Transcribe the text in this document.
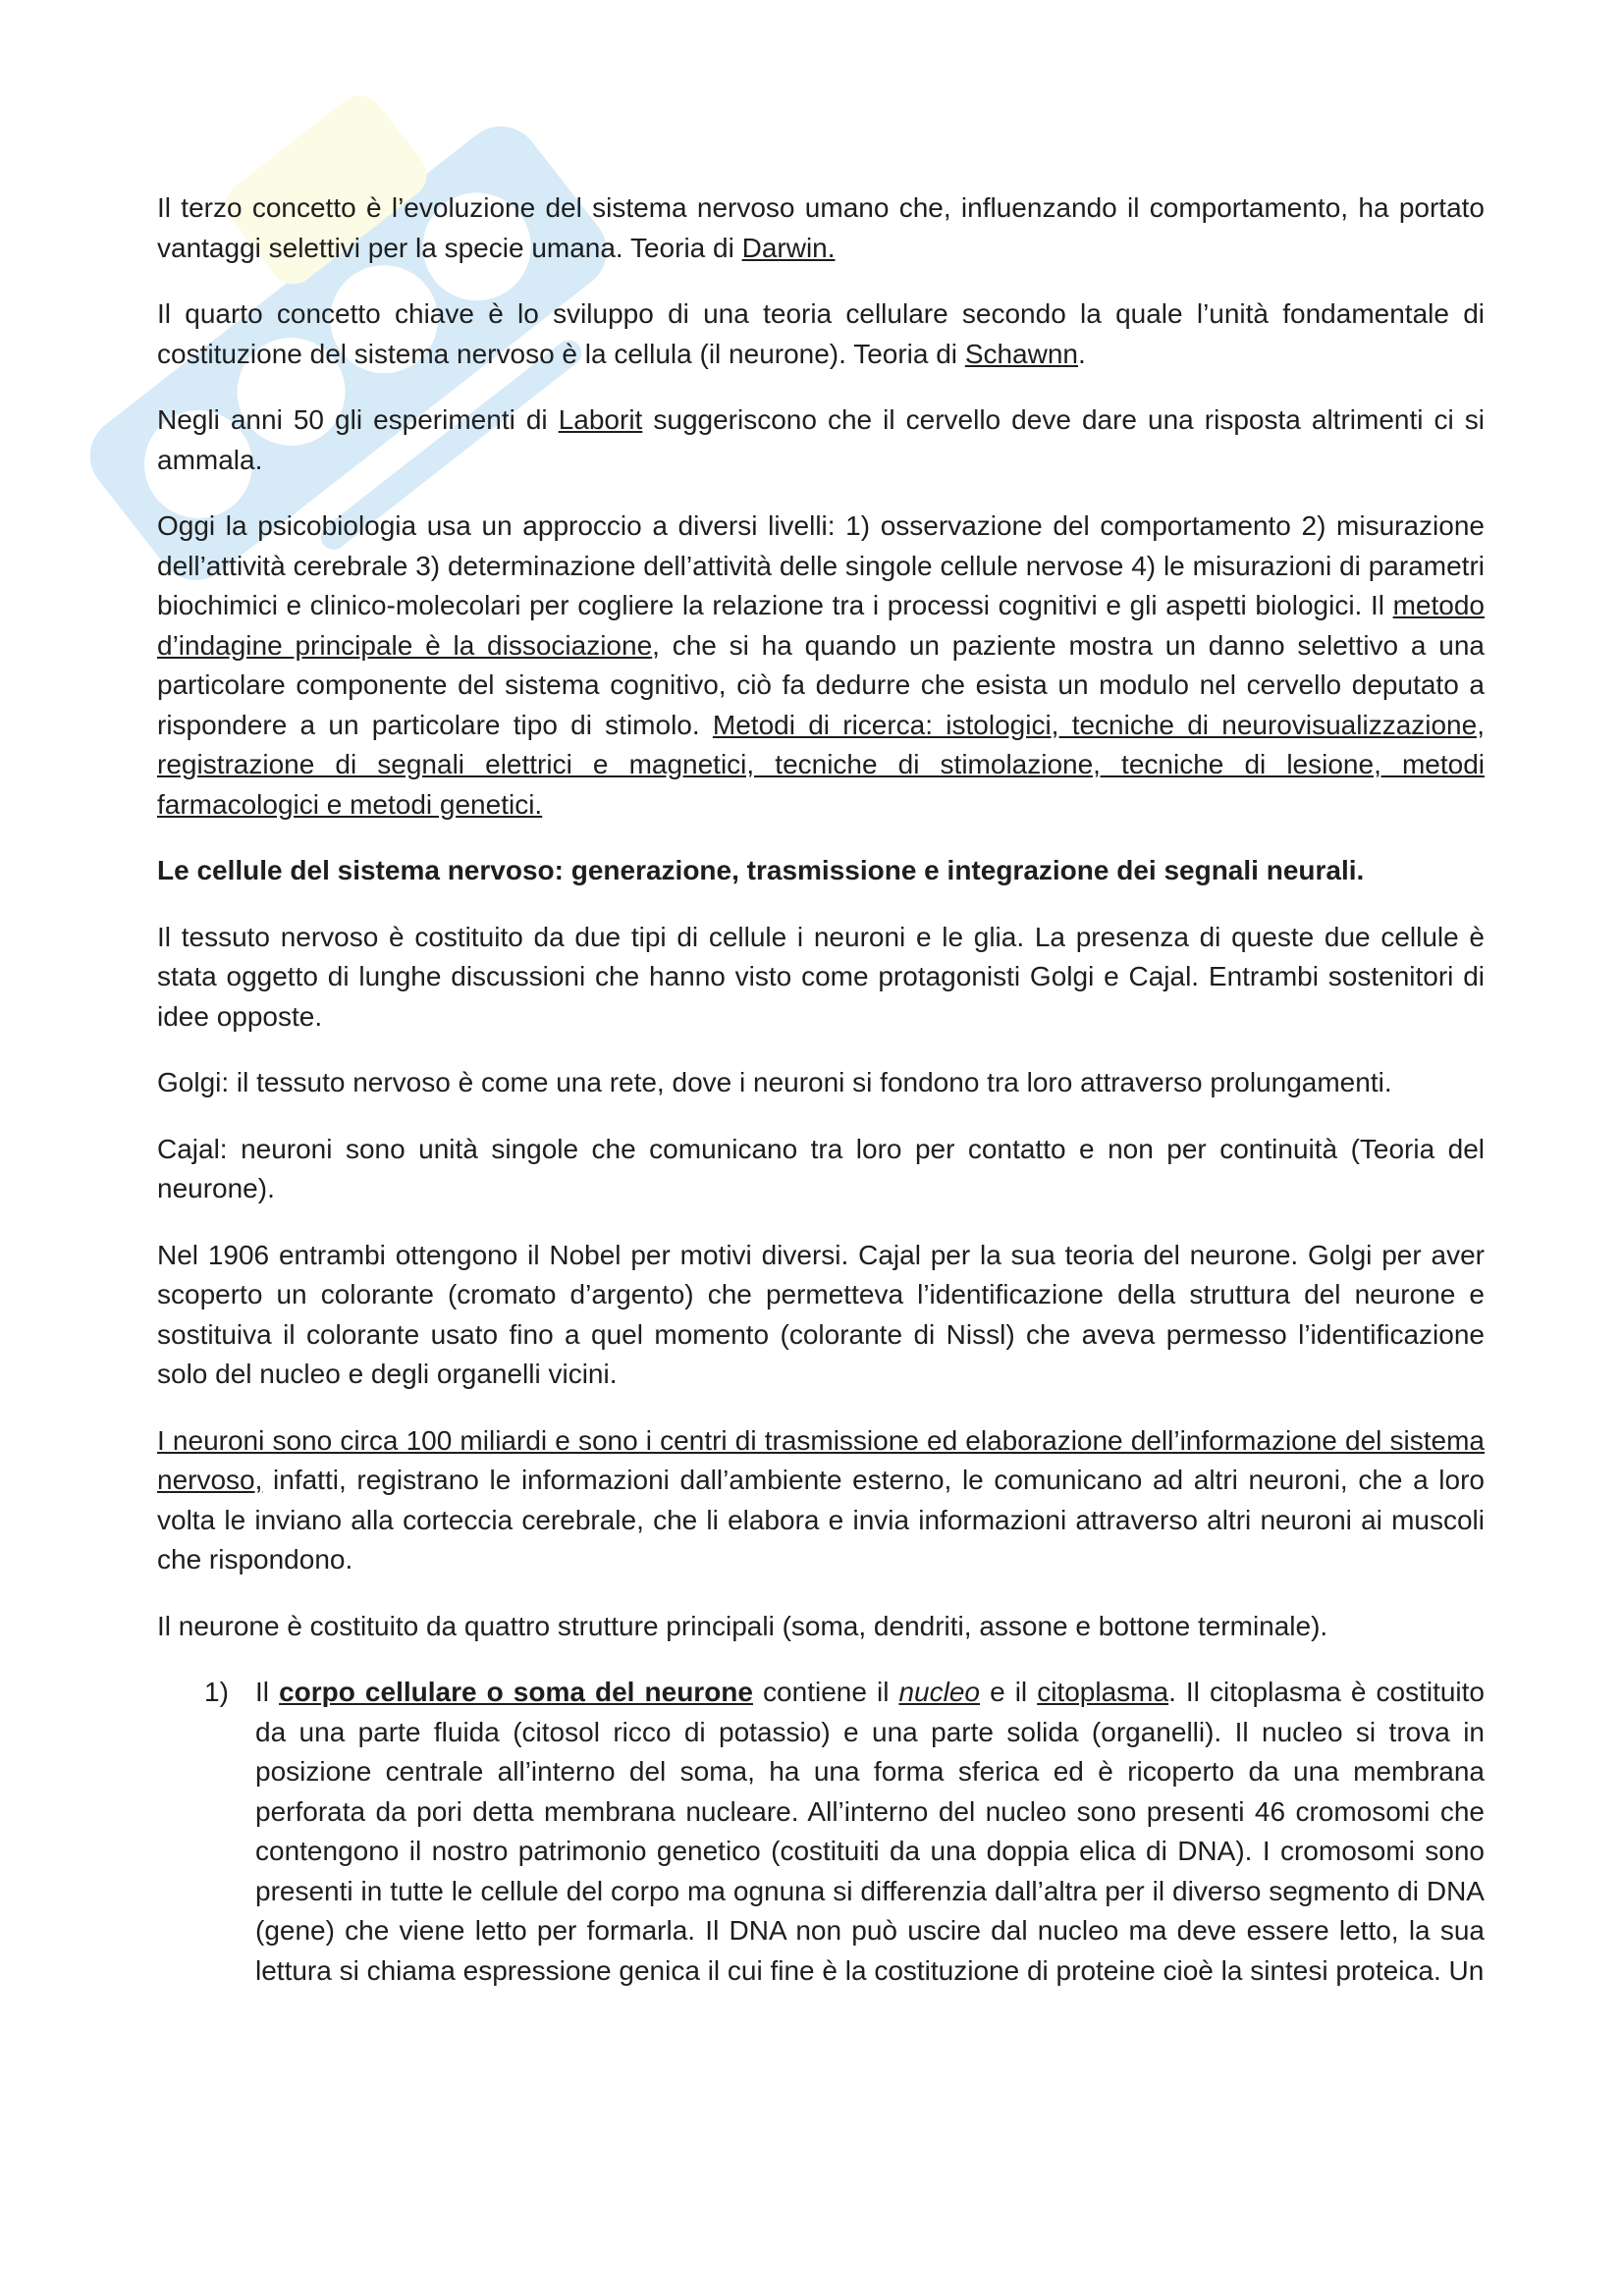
Il terzo concetto è l’evoluzione del sistema nervoso umano che, influenzando il comportamento, ha portato vantaggi selettivi per la specie umana. Teoria di Darwin.

Il quarto concetto chiave è lo sviluppo di una teoria cellulare secondo la quale l’unità fondamentale di costituzione del sistema nervoso è la cellula (il neurone). Teoria di Schawnn.

Negli anni 50 gli esperimenti di Laborit suggeriscono che il cervello deve dare una risposta altrimenti ci si ammala.

Oggi la psicobiologia usa un approccio a diversi livelli: 1) osservazione del comportamento 2) misurazione dell’attività cerebrale 3) determinazione dell’attività delle singole cellule nervose 4) le misurazioni di parametri biochimici e clinico-molecolari per cogliere la relazione tra i processi cognitivi e gli aspetti biologici. Il metodo d’indagine principale è la dissociazione, che si ha quando un paziente mostra un danno selettivo a una particolare componente del sistema cognitivo, ciò fa dedurre che esista un modulo nel cervello deputato a rispondere a un particolare tipo di stimolo. Metodi di ricerca: istologici, tecniche di neurovisualizzazione, registrazione di segnali elettrici e magnetici, tecniche di stimolazione, tecniche di lesione, metodi farmacologici e metodi genetici.

Le cellule del sistema nervoso: generazione, trasmissione e integrazione dei segnali neurali.

Il tessuto nervoso è costituito da due tipi di cellule i neuroni e le glia. La presenza di queste due cellule è stata oggetto di lunghe discussioni che hanno visto come protagonisti Golgi e Cajal. Entrambi sostenitori di idee opposte.

Golgi: il tessuto nervoso è come una rete, dove i neuroni si fondono tra loro attraverso prolungamenti.

Cajal: neuroni sono unità singole che comunicano tra loro per contatto e non per continuità (Teoria del neurone).

Nel 1906 entrambi ottengono il Nobel per motivi diversi. Cajal per la sua teoria del neurone. Golgi per aver scoperto un colorante (cromato d’argento) che permetteva l’identificazione della struttura del neurone e sostituiva il colorante usato fino a quel momento (colorante di Nissl) che aveva permesso l’identificazione solo del nucleo e degli organelli vicini.

I neuroni sono circa 100 miliardi e sono i centri di trasmissione ed elaborazione dell’informazione del sistema nervoso, infatti, registrano le informazioni dall’ambiente esterno, le comunicano ad altri neuroni, che a loro volta le inviano alla corteccia cerebrale, che li elabora e invia informazioni attraverso altri neuroni ai muscoli che rispondono.

Il neurone è costituito da quattro strutture principali (soma, dendriti, assone e bottone terminale).

1) Il corpo cellulare o soma del neurone contiene il nucleo e il citoplasma. Il citoplasma è costituito da una parte fluida (citosol ricco di potassio) e una parte solida (organelli). Il nucleo si trova in posizione centrale all’interno del soma, ha una forma sferica ed è ricoperto da una membrana perforata da pori detta membrana nucleare. All’interno del nucleo sono presenti 46 cromosomi che contengono il nostro patrimonio genetico (costituiti da una doppia elica di DNA). I cromosomi sono presenti in tutte le cellule del corpo ma ognuna si differenzia dall’altra per il diverso segmento di DNA (gene) che viene letto per formarla. Il DNA non può uscire dal nucleo ma deve essere letto, la sua lettura si chiama espressione genica il cui fine è la costituzione di proteine cioè la sintesi proteica. Un
